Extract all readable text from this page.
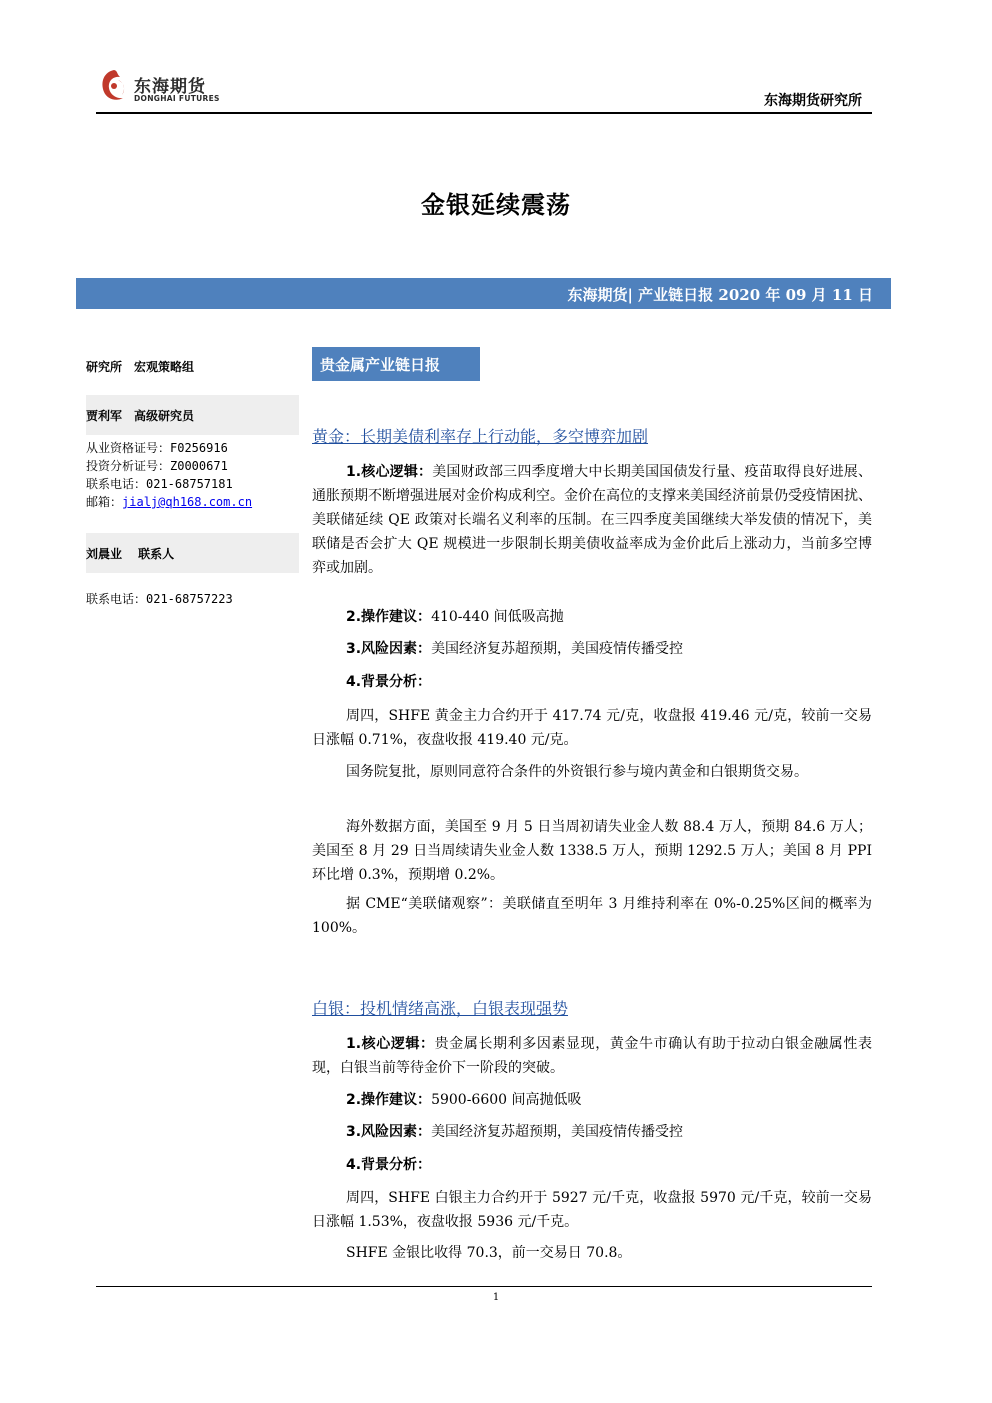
东海期货
DONGHAI FUTURES	东海期货研究所
金银延续震荡
东海期货| 产业链日报 2020 年 09 月 11 日
研究所　宏观策略组
贾利军　高级研究员
从业资格证号：F0256916
投资分析证号：Z0000671
联系电话：021-68757181
邮箱：jialj@qh168.com.cn
刘晨业　 联系人
联系电话：021-68757223
贵金属产业链日报
黄金：长期美债利率存上行动能，多空博弈加剧
1.核心逻辑：美国财政部三四季度增大中长期美国国债发行量、疫苗取得良好进展、通胀预期不断增强进展对金价构成利空。金价在高位的支撑来美国经济前景仍受疫情困扰、美联储延续 QE 政策对长端名义利率的压制。在三四季度美国继续大举发债的情况下，美联储是否会扩大 QE 规模进一步限制长期美债收益率成为金价此后上涨动力，当前多空博弈或加剧。
2.操作建议：410-440 间低吸高抛
3.风险因素：美国经济复苏超预期，美国疫情传播受控
4.背景分析：
周四，SHFE 黄金主力合约开于 417.74 元/克，收盘报 419.46 元/克，较前一交易日涨幅 0.71%，夜盘收报 419.40 元/克。
国务院复批，原则同意符合条件的外资银行参与境内黄金和白银期货交易。
海外数据方面，美国至 9 月 5 日当周初请失业金人数 88.4 万人，预期 84.6 万人；美国至 8 月 29 日当周续请失业金人数 1338.5 万人，预期 1292.5 万人；美国 8 月 PPI 环比增 0.3%，预期增 0.2%。
据 CME“美联储观察”：美联储直至明年 3 月维持利率在 0%-0.25%区间的概率为 100%。
白银：投机情绪高涨，白银表现强势
1.核心逻辑：贵金属长期利多因素显现，黄金牛市确认有助于拉动白银金融属性表现，白银当前等待金价下一阶段的突破。
2.操作建议：5900-6600 间高抛低吸
3.风险因素：美国经济复苏超预期，美国疫情传播受控
4.背景分析：
周四，SHFE 白银主力合约开于 5927 元/千克，收盘报 5970 元/千克，较前一交易日涨幅 1.53%，夜盘收报 5936 元/千克。
SHFE 金银比收得 70.3，前一交易日 70.8。
1
